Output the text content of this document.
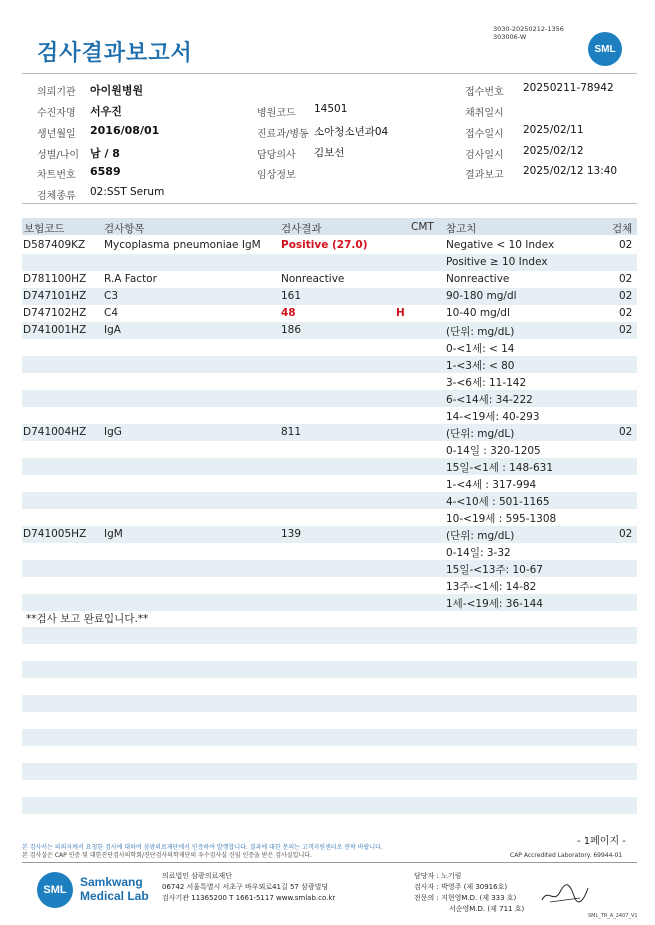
검사결과보고서
3030-20250212-1356
303006-W
SML
의뢰기관 아이원병원
수진자명 서우진
생년월일 2016/08/01
성별/나이 남 / 8
차트번호 6589
검체종류 02:SST Serum
병원코드 14501
진료과/병동 소아청소년과04
담당의사 김보선
임상정보
접수번호 20250211-78942
채취일시
접수일시 2025/02/11
검사일시 2025/02/12
결과보고 2025/02/12 13:40
보험코드	검사항목	검사결과	CMT 참고치	검체
D587409KZ Mycoplasma pneumoniae IgM Positive (27.0)	Negative < 10 Index	02
Positive ≥ 10 Index
D781100HZ R.A Factor	Nonreactive	Nonreactive	02
D747101HZ C3	161	90-180 mg/dl	02
D747102HZ C4	48	H	10-40 mg/dl	02
D741001HZ IgA	186	(단위: mg/dL)	02
0-<1세: < 14
1-<3세: < 80
3-<6세: 11-142
6-<14세: 34-222
14-<19세: 40-293
D741004HZ IgG	811	(단위: mg/dL)	02
0-14일 : 320-1205
15일-<1세 : 148-631
1-<4세 : 317-994
4-<10세 : 501-1165
10-<19세 : 595-1308
D741005HZ IgM	139	(단위: mg/dL)	02
0-14일: 3-32
15일-<13주: 10-67
13주-<1세: 14-82
1세-<19세: 36-144
**검사 보고 완료입니다.**
- 1페이지 -
본 검사서는 의뢰자께서 요청한 검사에 대하여 삼광의료재단에서 인증하여 발행합니다. 결과에 대한 문의는 고객지원센터로 연락 바랍니다.
본 검사실은 CAP 인증 및 대한진단검사의학회/진단검사의학재단의 우수검사실 신임 인증을 받은 검사실입니다.	CAP Accredited Laboratory. 69944-01
SML
Samkwang
Medical Lab
의료법인 삼광의료재단
06742 서울특별시 서초구 바우뫼로41길 57 삼광빌딩
검사기관 11365200 T 1661-5117 www.smlab.co.kr
담당자 : 노기림
검사자 : 박영주 (제 30916호)
전문의 : 지현영M.D. (제 333 호)
서순영M.D. (제 711 호)
SML_TR_A_2407_V1
